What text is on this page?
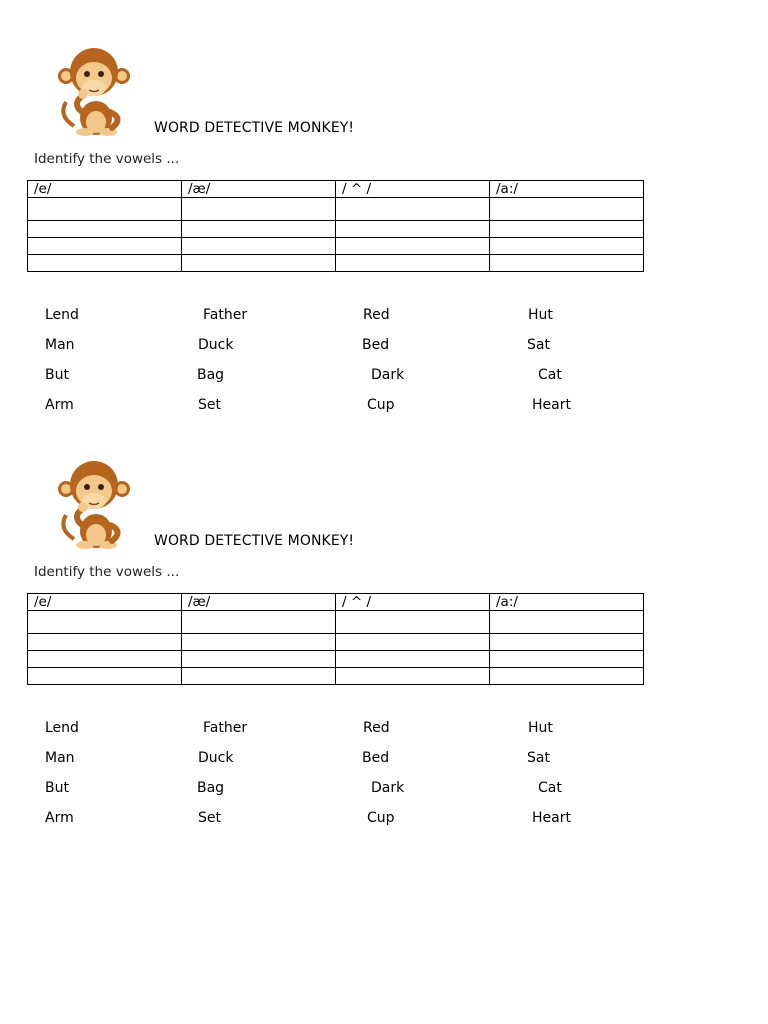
WORD DETECTIVE MONKEY!
Identify the vowels ...
/e/	/æ/	/ ^ /	/a:/

Lend	Father	Red	Hut
Man	Duck	Bed	Sat
But	Bag	Dark	Cat
Arm	Set	Cup	Heart
WORD DETECTIVE MONKEY!
Identify the vowels ...
/e/	/æ/	/ ^ /	/a:/

Lend	Father	Red	Hut
Man	Duck	Bed	Sat
But	Bag	Dark	Cat
Arm	Set	Cup	Heart
